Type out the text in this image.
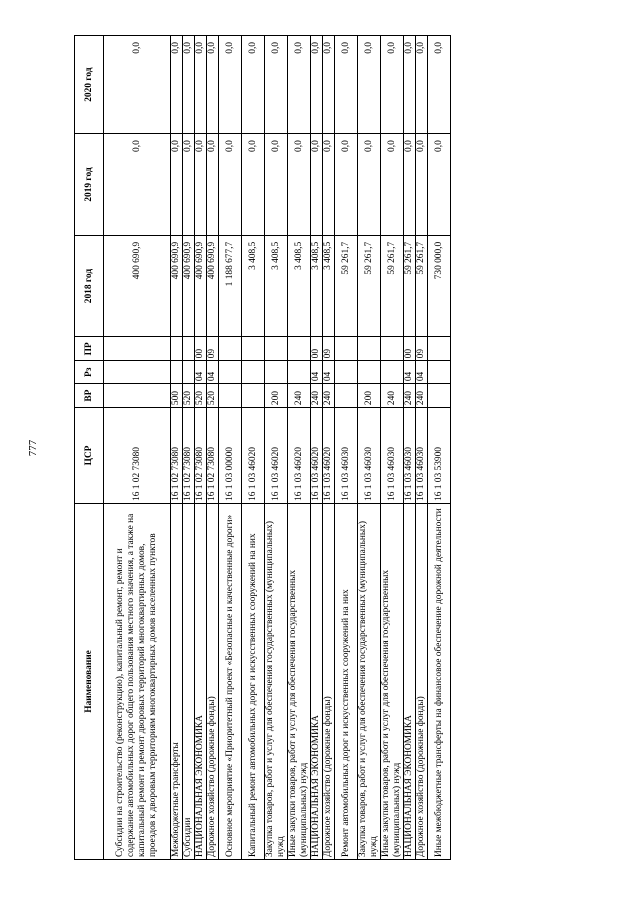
777
Наименование	ЦСР	ВР	Рз	ПР	2018 год	2019 год	2020 год
Субсидии на строительство (реконструкцию), капитальный ремонт, ремонт и содержание автомобильных дорог общего пользования местного значения, а также на капитальный ремонт и ремонт дворовых территорий многоквартирных домов, проездов к дворовым территориям многоквартирных домов населенных пунктов	16 1 02 73080				400 690,9	0,0	0,0
Межбюджетные трансферты	16 1 02 73080	500			400 690,9	0,0	0,0
Субсидии	16 1 02 73080	520			400 690,9	0,0	0,0
НАЦИОНАЛЬНАЯ ЭКОНОМИКА	16 1 02 73080	520	04	00	400 690,9	0,0	0,0
Дорожное хозяйство (дорожные фонды)	16 1 02 73080	520	04	09	400 690,9	0,0	0,0
Основное мероприятие «Приоритетный проект «Безопасные и качественные дороги»	16 1 03 00000				1 188 677,7	0,0	0,0
Капитальный ремонт автомобильных дорог и искусственных сооружений на них	16 1 03 46020				3 408,5	0,0	0,0
Закупка товаров, работ и услуг для обеспечения государственных (муниципальных) нужд	16 1 03 46020	200			3 408,5	0,0	0,0
Иные закупки товаров, работ и услуг для обеспечения государственных (муниципальных) нужд	16 1 03 46020	240			3 408,5	0,0	0,0
НАЦИОНАЛЬНАЯ ЭКОНОМИКА	16 1 03 46020	240	04	00	3 408,5	0,0	0,0
Дорожное хозяйство (дорожные фонды)	16 1 03 46020	240	04	09	3 408,5	0,0	0,0
Ремонт автомобильных дорог и искусственных сооружений на них	16 1 03 46030				59 261,7	0,0	0,0
Закупка товаров, работ и услуг для обеспечения государственных (муниципальных) нужд	16 1 03 46030	200			59 261,7	0,0	0,0
Иные закупки товаров, работ и услуг для обеспечения государственных (муниципальных) нужд	16 1 03 46030	240			59 261,7	0,0	0,0
НАЦИОНАЛЬНАЯ ЭКОНОМИКА	16 1 03 46030	240	04	00	59 261,7	0,0	0,0
Дорожное хозяйство (дорожные фонды)	16 1 03 46030	240	04	09	59 261,7	0,0	0,0
Иные межбюджетные трансферты на финансовое обеспечение дорожной деятельности	16 1 03 53900				730 000,0	0,0	0,0
